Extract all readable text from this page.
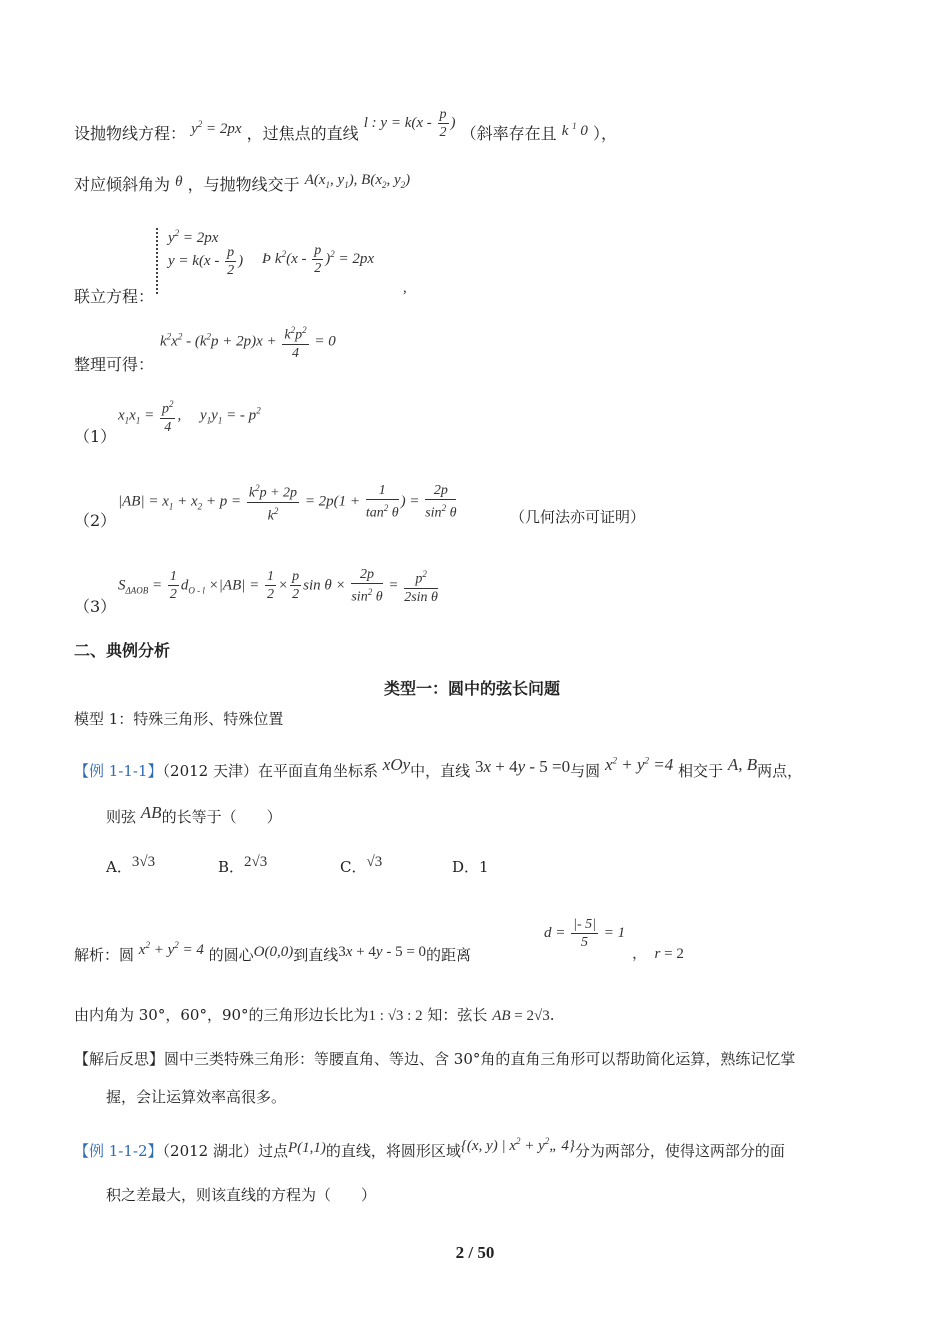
设抛物线方程： $y^2 = 2px$ ，过焦点的直线 l : $y = k(x - \frac{p}{2}$ ) （斜率存在且 k $^1$ 0 ），
对应倾斜角为 θ ，与抛物线交于 $A(x_1$, $y_1$), $B(x_2$, $y_2$)
$y^2 = 2px$
$y = k(x - \frac{p}{2}$ ) Þ $k^2(x - \frac{p}{2} )^2 = 2px$
联立方程：	,
整理可得：
$k^2x^2 - (k^2p + 2p)x + \frac{k^2p^2}{4} = 0$
（1）
$x_1x_1 = \frac{p^2}{4}$ ,     $y_1y_1$ = - $p^2$
（2）
$|AB| = x_1 + x_2 + p = \frac{k^2p + 2p}{k^2} = 2p(1 + \frac{1}{\tan^2 \theta}$ ) = $\frac{2p}{\sin^2 \theta}$	（几何法亦可证明）
（3）
$S_{\Delta AOB} = \frac{1}{2} d_{O - l} \times|AB| = \frac{1}{2} \times \frac{p}{2}$ $\sin \theta \times \frac{2p}{\sin^2 \theta} = \frac{p^2}{\text{2sin θ}}$
二、典例分析
类型一：圆中的弦长问题
模型 1：特殊三角形、特殊位置
【例 1-1-1】（2012 天津）在平面直角坐标系 xOy中，直线 3x + 4y - 5 =0与圆 $x^2 + y^2 =4$ 相交于 A, B两点，
则弦 AB的长等于（　　）
A．3√3	B．2√3	C．√3	D．1
解析：圆 $x^2 + y^2 = 4$ 的圆心O(0,0)到直线3x + 4y - 5 = 0的距离
$d = \frac{|- 5|}{5} = 1$
， r = 2
由内角为 30°，60°，90°的三角形边长比为1 : √3 : 2 知：弦长 AB = 2√3.
【解后反思】圆中三类特殊三角形：等腰直角、等边、含 30°角的直角三角形可以帮助简化运算，熟练记忆掌
握，会让运算效率高很多。
【例 1-1-2】（2012 湖北）过点P(1,1)的直线，将圆形区域{(x, y) | $x^2$ + $y^2„$ 4}分为两部分，使得这两部分的面
积之差最大，则该直线的方程为（　　）
2 / 50
